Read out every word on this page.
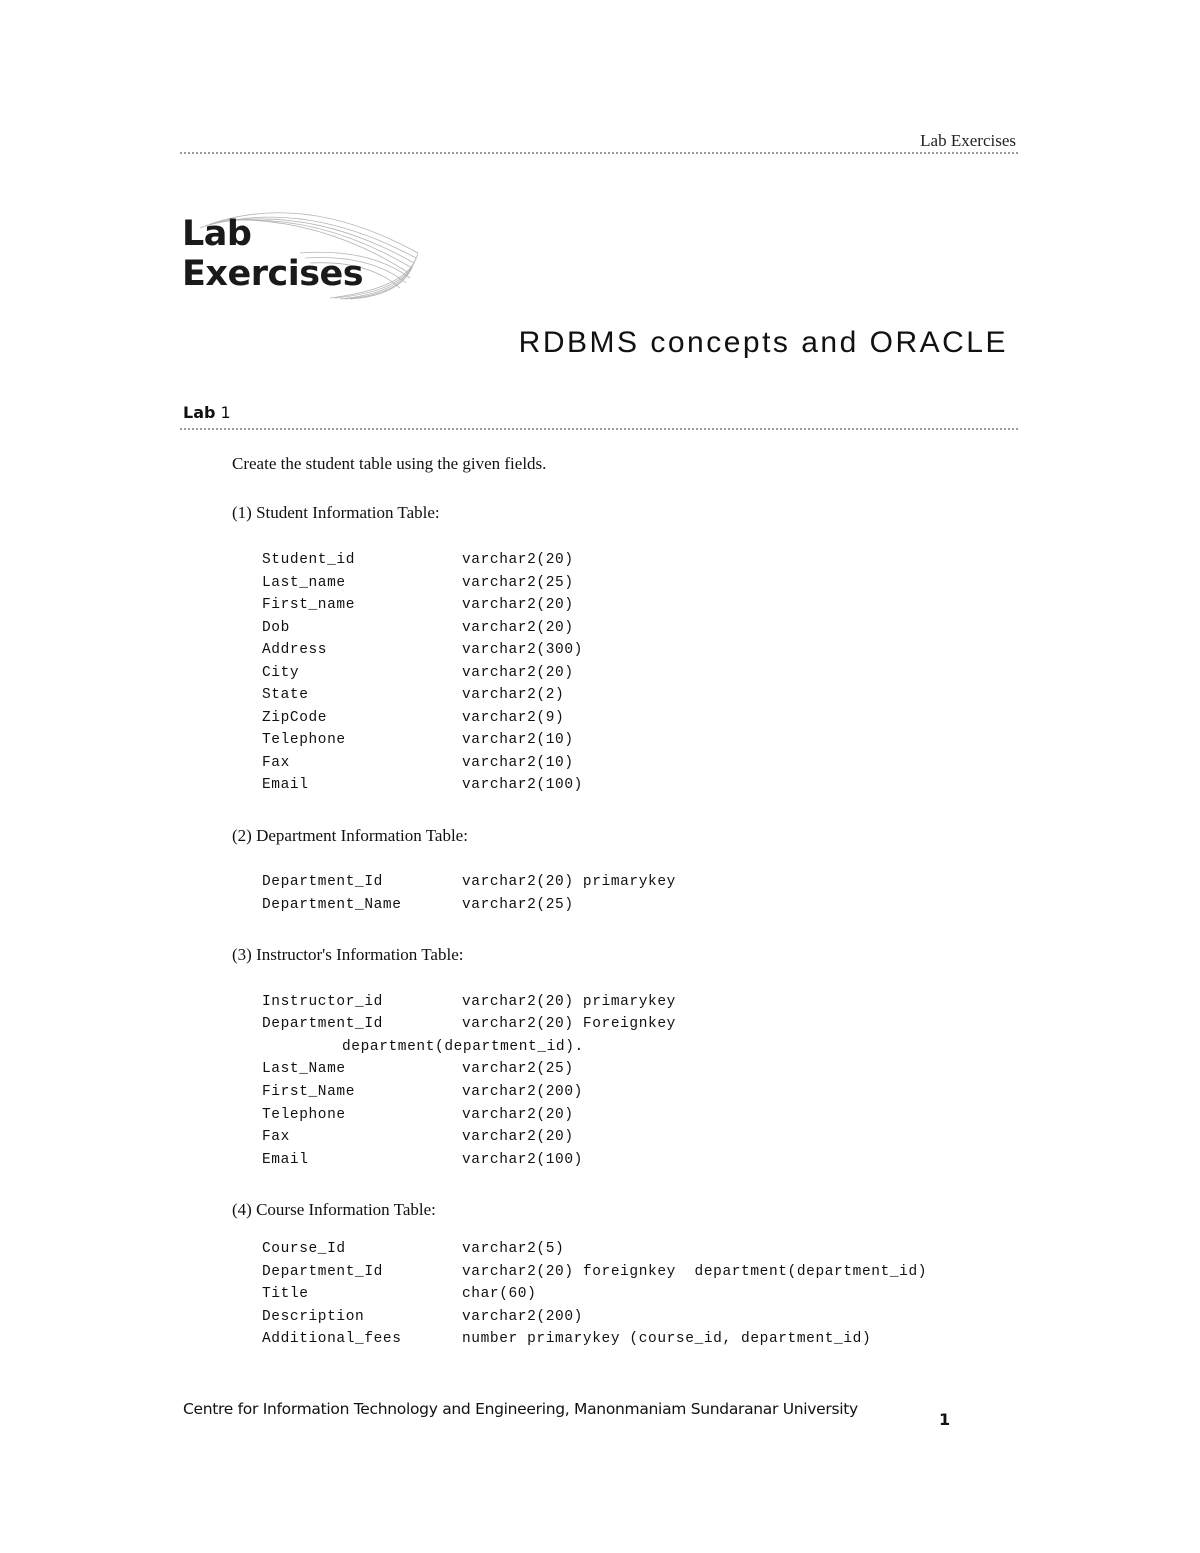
Lab Exercises
Lab Exercises
RDBMS concepts and ORACLE
Lab 1
Create the student table using the given fields.
(1) Student Information Table:

Student_id	varchar2(20)

Last_name	varchar2(25)

First_name	varchar2(20)

Dob	varchar2(20)

Address	varchar2(300)

City	varchar2(20)

State	varchar2(2)

ZipCode	varchar2(9)

Telephone	varchar2(10)

Fax	varchar2(10)

Email	varchar2(100)

(2) Department Information Table:

Department_Id	varchar2(20) primarykey

Department_Name	varchar2(25)

(3) Instructor's Information Table:

Instructor_id	varchar2(20) primarykey

Department_Id	varchar2(20) Foreignkey

department(department_id).

Last_Name	varchar2(25)

First_Name	varchar2(200)

Telephone	varchar2(20)

Fax	varchar2(20)

Email	varchar2(100)

(4) Course Information Table:

Course_Id	varchar2(5)

Department_Id	varchar2(20) foreignkey  department(department_id)

Title	char(60)

Description	varchar2(200)

Additional_fees	number primarykey (course_id, department_id)

Centre for Information Technology and Engineering, Manonmaniam Sundaranar University
1
